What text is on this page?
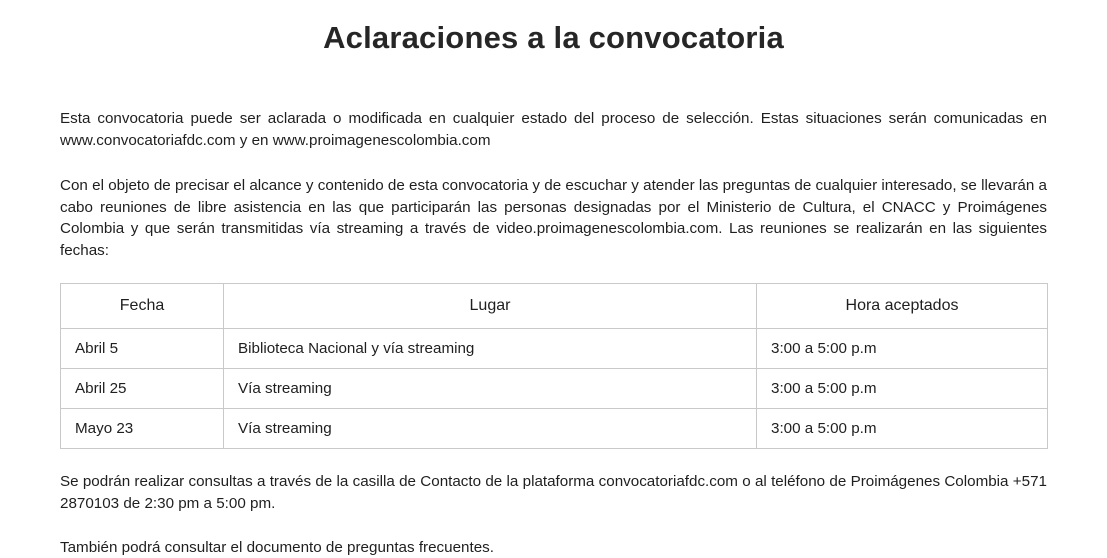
Aclaraciones a la convocatoria

Esta convocatoria puede ser aclarada o modificada en cualquier estado del proceso de selección. Estas situaciones serán comunicadas en www.convocatoriafdc.com y en www.proimagenescolombia.com

Con el objeto de precisar el alcance y contenido de esta convocatoria y de escuchar y atender las preguntas de cualquier interesado, se llevarán a cabo reuniones de libre asistencia en las que participarán las personas designadas por el Ministerio de Cultura, el CNACC y Proimágenes Colombia y que serán transmitidas vía streaming a través de video.proimagenescolombia.com. Las reuniones se realizarán en las siguientes fechas:

Fecha	Lugar	Hora aceptados
Abril 5	Biblioteca Nacional y vía streaming	3:00 a 5:00 p.m
Abril 25	Vía streaming	3:00 a 5:00 p.m
Mayo 23	Vía streaming	3:00 a 5:00 p.m

Se podrán realizar consultas a través de la casilla de Contacto de la plataforma convocatoriafdc.com o al teléfono de Proimágenes Colombia +571 2870103 de 2:30 pm a 5:00 pm.

También podrá consultar el documento de preguntas frecuentes.
